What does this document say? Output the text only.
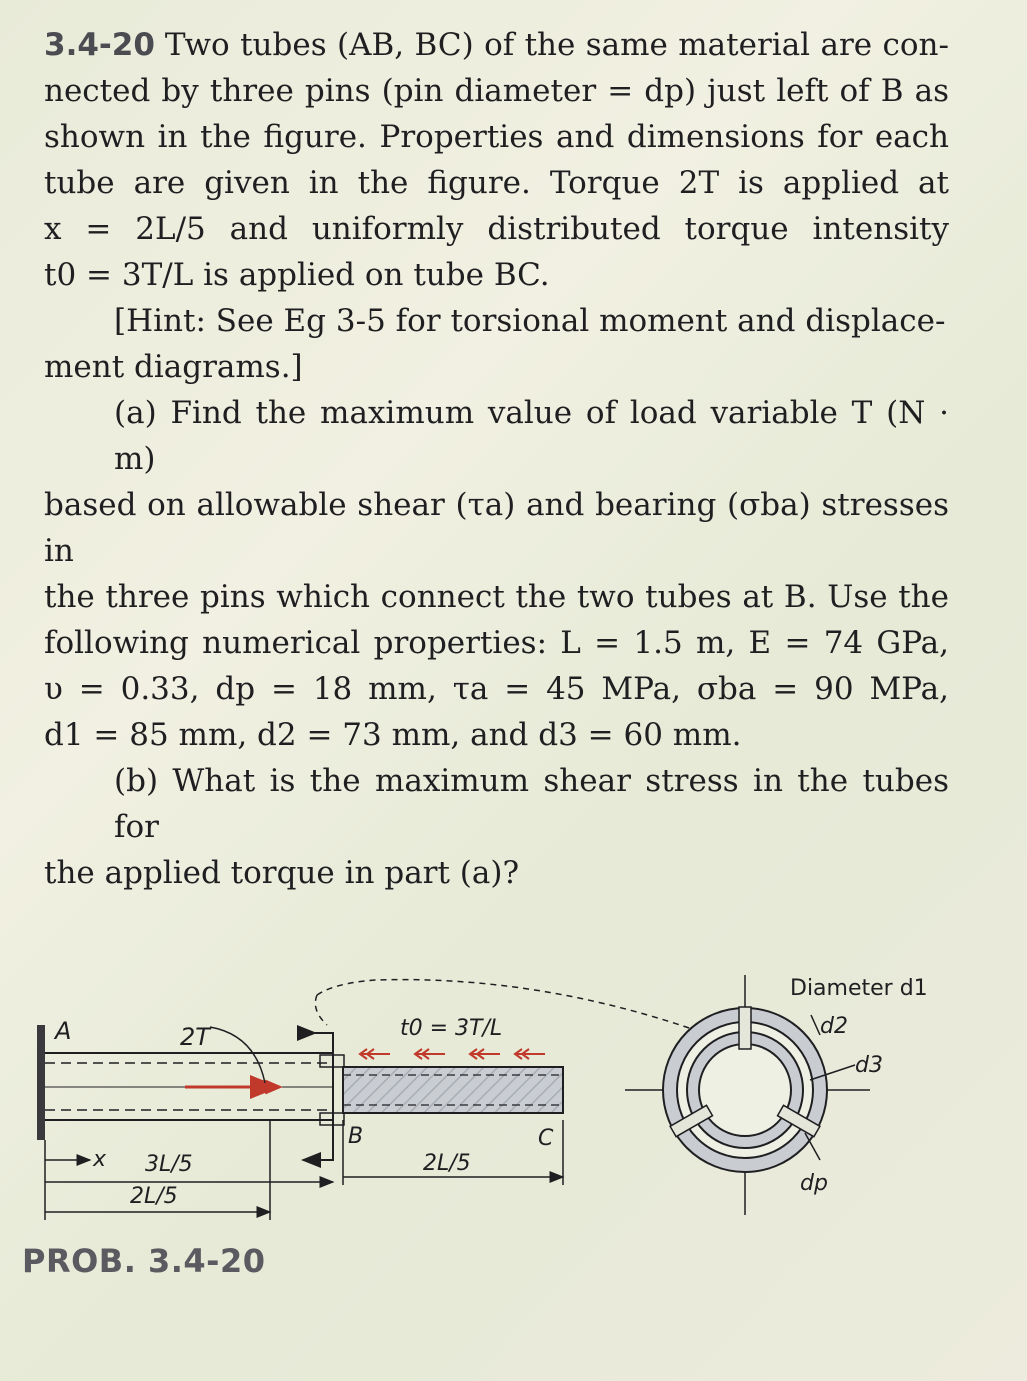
3.4-20 Two tubes (AB, BC) of the same material are con-
nected by three pins (pin diameter = dp) just left of B as
shown in the figure. Properties and dimensions for each
tube are given in the figure. Torque 2T is applied at
x = 2L/5 and uniformly distributed torque intensity
t0 = 3T/L is applied on tube BC.
[Hint: See Eg 3-5 for torsional moment and displace-
ment diagrams.]
(a) Find the maximum value of load variable T (N · m)
based on allowable shear (τa) and bearing (σba) stresses in
the three pins which connect the two tubes at B. Use the
following numerical properties: L = 1.5 m, E = 74 GPa,
υ = 0.33, dp = 18 mm, τa = 45 MPa, σba = 90 MPa,
d1 = 85 mm, d2 = 73 mm, and d3 = 60 mm.
(b) What is the maximum shear stress in the tubes for
the applied torque in part (a)?
A	2T	t0 = 3T/L
B	C
x 3L/5
2L/5
2L/5
Diameter d1
d2
d3
dp
PROB. 3.4-20
